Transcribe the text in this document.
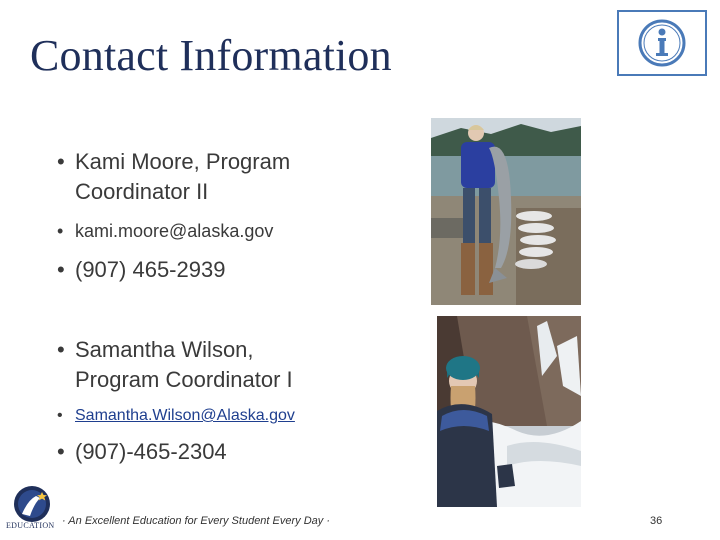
Contact Information
• Kami Moore, Program
Coordinator II
• kami.moore@alaska.gov
• (907) 465-2939
• Samantha Wilson,
Program Coordinator I
• Samantha.Wilson@Alaska.gov
• (907)-465-2304
EDUCATION · An Excellent Education for Every Student Every Day ·	36
